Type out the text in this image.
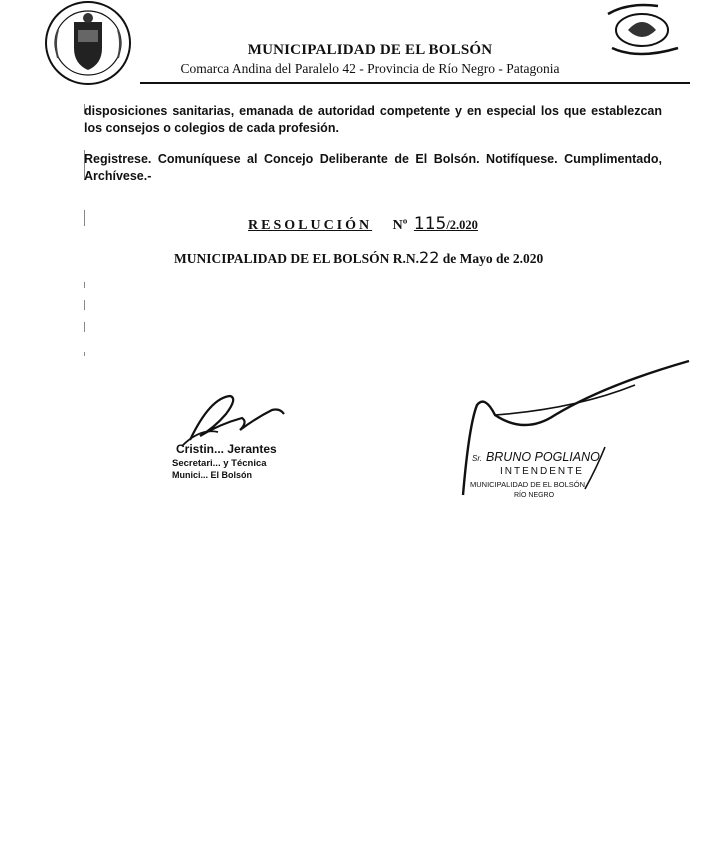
MUNICIPALIDAD DE EL BOLSÓN
Comarca Andina del Paralelo 42 - Provincia de Río Negro - Patagonia
disposiciones sanitarias, emanada de autoridad competente y en especial los que establezcan los consejos o colegios de cada profesión.
Registrese. Comuníquese al Concejo Deliberante de El Bolsón. Notifíquese. Cumplimentado, Archívese.-
RESOLUCIÓN Nº 115/2.020
MUNICIPALIDAD DE EL BOLSÓN R.N.22 de Mayo de 2.020
Cristin... Jerantes
Secretari... y Técnica
Munici... El Bolsón
Sr. BRUNO POGLIANO
INTENDENTE
MUNICIPALIDAD DE EL BOLSÓN
RÍO NEGRO
